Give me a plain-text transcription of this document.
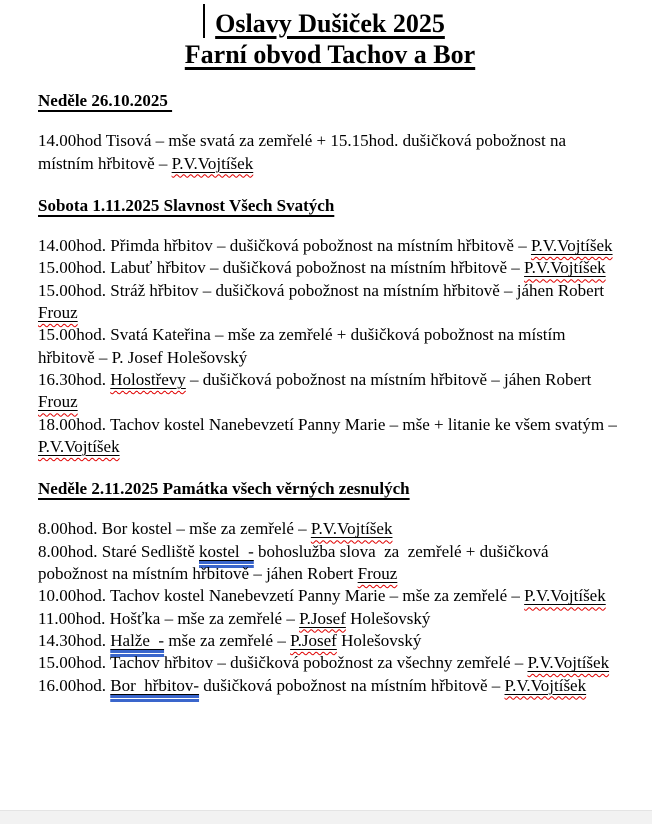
Oslavy Dušiček 2025

Farní obvod Tachov a Bor

Neděle 26.10.2025

14.00hod Tisová – mše svatá za zemřelé + 15.15hod. dušičková pobožnost na místním hřbitově – P.V.Vojtíšek

Sobota 1.11.2025 Slavnost Všech Svatých

14.00hod. Přimda hřbitov – dušičková pobožnost na místním hřbitově – P.V.Vojtíšek

15.00hod. Labuť hřbitov – dušičková pobožnost na místním hřbitově – P.V.Vojtíšek

15.00hod. Stráž hřbitov – dušičková pobožnost na místním hřbitově – jáhen Robert Frouz

15.00hod. Svatá Kateřina – mše za zemřelé + dušičková pobožnost na místím hřbitově – P. Josef Holešovský

16.30hod. Holostřevy – dušičková pobožnost na místním hřbitově – jáhen Robert Frouz

18.00hod. Tachov kostel Nanebevzetí Panny Marie – mše + litanie ke všem svatým – P.V.Vojtíšek

Neděle 2.11.2025 Památka všech věrných zesnulých

8.00hod. Bor kostel – mše za zemřelé – P.V.Vojtíšek

8.00hod. Staré Sedliště kostel  - bohoslužba slova  za  zemřelé + dušičková pobožnost na místním hřbitově – jáhen Robert Frouz

10.00hod. Tachov kostel Nanebevzetí Panny Marie – mše za zemřelé – P.V.Vojtíšek

11.00hod. Hošťka – mše za zemřelé – P.Josef Holešovský

14.30hod. Halže  - mše za zemřelé – P.Josef Holešovský

15.00hod. Tachov hřbitov – dušičková pobožnost za všechny zemřelé – P.V.Vojtíšek

16.00hod. Bor  hřbitov- dušičková pobožnost na místním hřbitově – P.V.Vojtíšek
